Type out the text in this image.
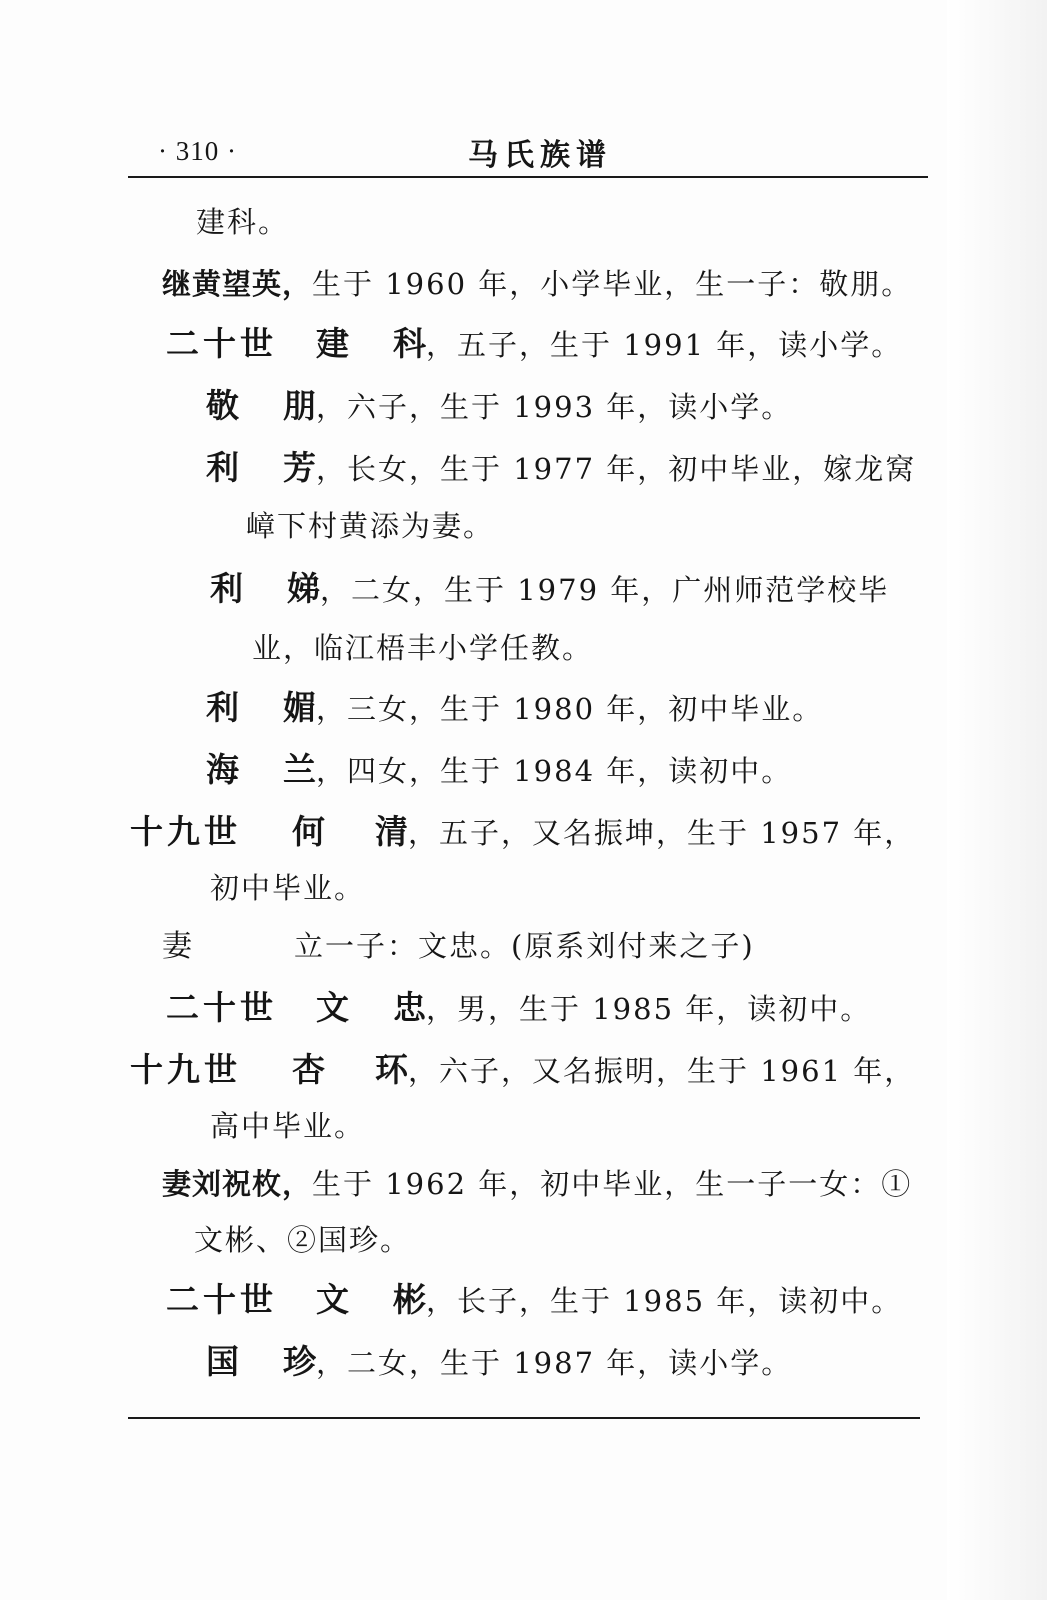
· 310 ·	马氏族谱
建科。
继黄望英，生于 1960 年，小学毕业，生一子：敬朋。
二十世 建 科，五子，生于 1991 年，读小学。
敬 朋，六子，生于 1993 年，读小学。
利 芳，长女，生于 1977 年，初中毕业，嫁龙窝
嶂下村黄添为妻。
利 娣，二女，生于 1979 年，广州师范学校毕
业，临江梧丰小学任教。
利 媚，三女，生于 1980 年，初中毕业。
海 兰，四女，生于 1984 年，读初中。
十九世 何 清，五子，又名振坤，生于 1957 年，
初中毕业。
妻	立一子：文忠。(原系刘付来之子)
二十世 文 忠，男，生于 1985 年，读初中。
十九世 杏 环，六子，又名振明，生于 1961 年，
高中毕业。
妻刘祝枚，生于 1962 年，初中毕业，生一子一女：①
文彬、②国珍。
二十世 文 彬，长子，生于 1985 年，读初中。
国 珍，二女，生于 1987 年，读小学。
